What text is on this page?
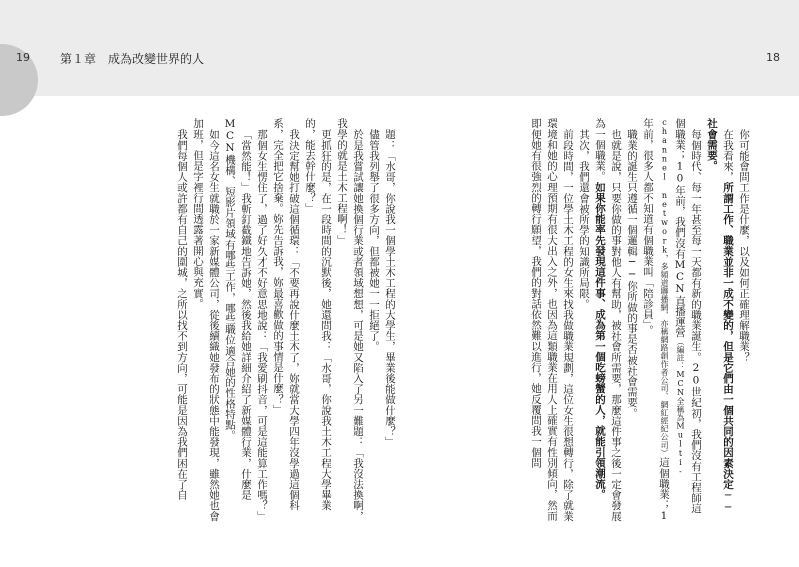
19	第１章　成為改變世界的人	18

你可能會問工作是什麼，以及如何正確理解職業？

在我看來，所謂工作、職業並非一成不變的，但是它們由一個共同的因素決定──社會需要。

每個時代、每一年甚至每一天都有新的職業誕生。20世紀初，我們沒有工程師這個職業；10年前，我們沒有MCN直播運營（編註：MCN全稱為Multi-channel network，多頻道聯播網，亦稱網路創作者公司、網紅經紀公司）這個職業；1年前，很多人都不知道有個職業叫「陪診員」。

職業的誕生只遵循一個邏輯──你所做的事是否被社會需要。

也就是說，只要你做的事對他人有幫助，被社會所需要，那麼這件事之後一定會發展為一個職業。如果你能率先發現這件事、成為第一個吃螃蟹的人，就能引領潮流。

其次，我們還會被所學的知識所局限。

前段時間，一位學土木工程的女生來找我做職業規劃，這位女生很想轉行，除了就業環境和她的心理預期有很大出入之外，也因為這類職業在用人上確實有性別傾向，然而即便她有很強烈的轉行願望，我們的對話依然難以進行，她反覆問我一個問

題：「水哥，你說我一個學土木工程的大學生，畢業後能做什麼？」

儘管我列舉了很多方向，但都被她一一拒絕了。

於是我嘗試讓她換個行業或者領域想想，可是她又陷入了另一難題：「我沒法換啊，我學的就是土木工程啊！」

更抓狂的是，在一段時間的沉默後，她還問我：「水哥，你說我土木工程大學畢業的，能去幹什麼？」

我決定幫她打破這個循環：「不要再說什麼土木了，妳就當大學四年沒學過這個科系，完全把它捨棄。妳先告訴我，妳最喜歡做的事情是什麼？」

那個女生愣住了，過了好久才不好意思地說：「我愛刷抖音，可是這能算工作嗎？」

「當然能！」我斬釘截鐵地告訴她，然後我給她詳細介紹了新媒體行業，什麼是MCN機構、短影片領域有哪些工作，哪些職位適合她的性格特點。

如今這名女生就職於一家新媒體公司，從後續織她發布的狀態中能發現，雖然她也會加班，但是字裡行間透露著開心與充實。

我們每個人或許都有自己的圍城，之所以找不到方向，可能是因為我們困在了自
